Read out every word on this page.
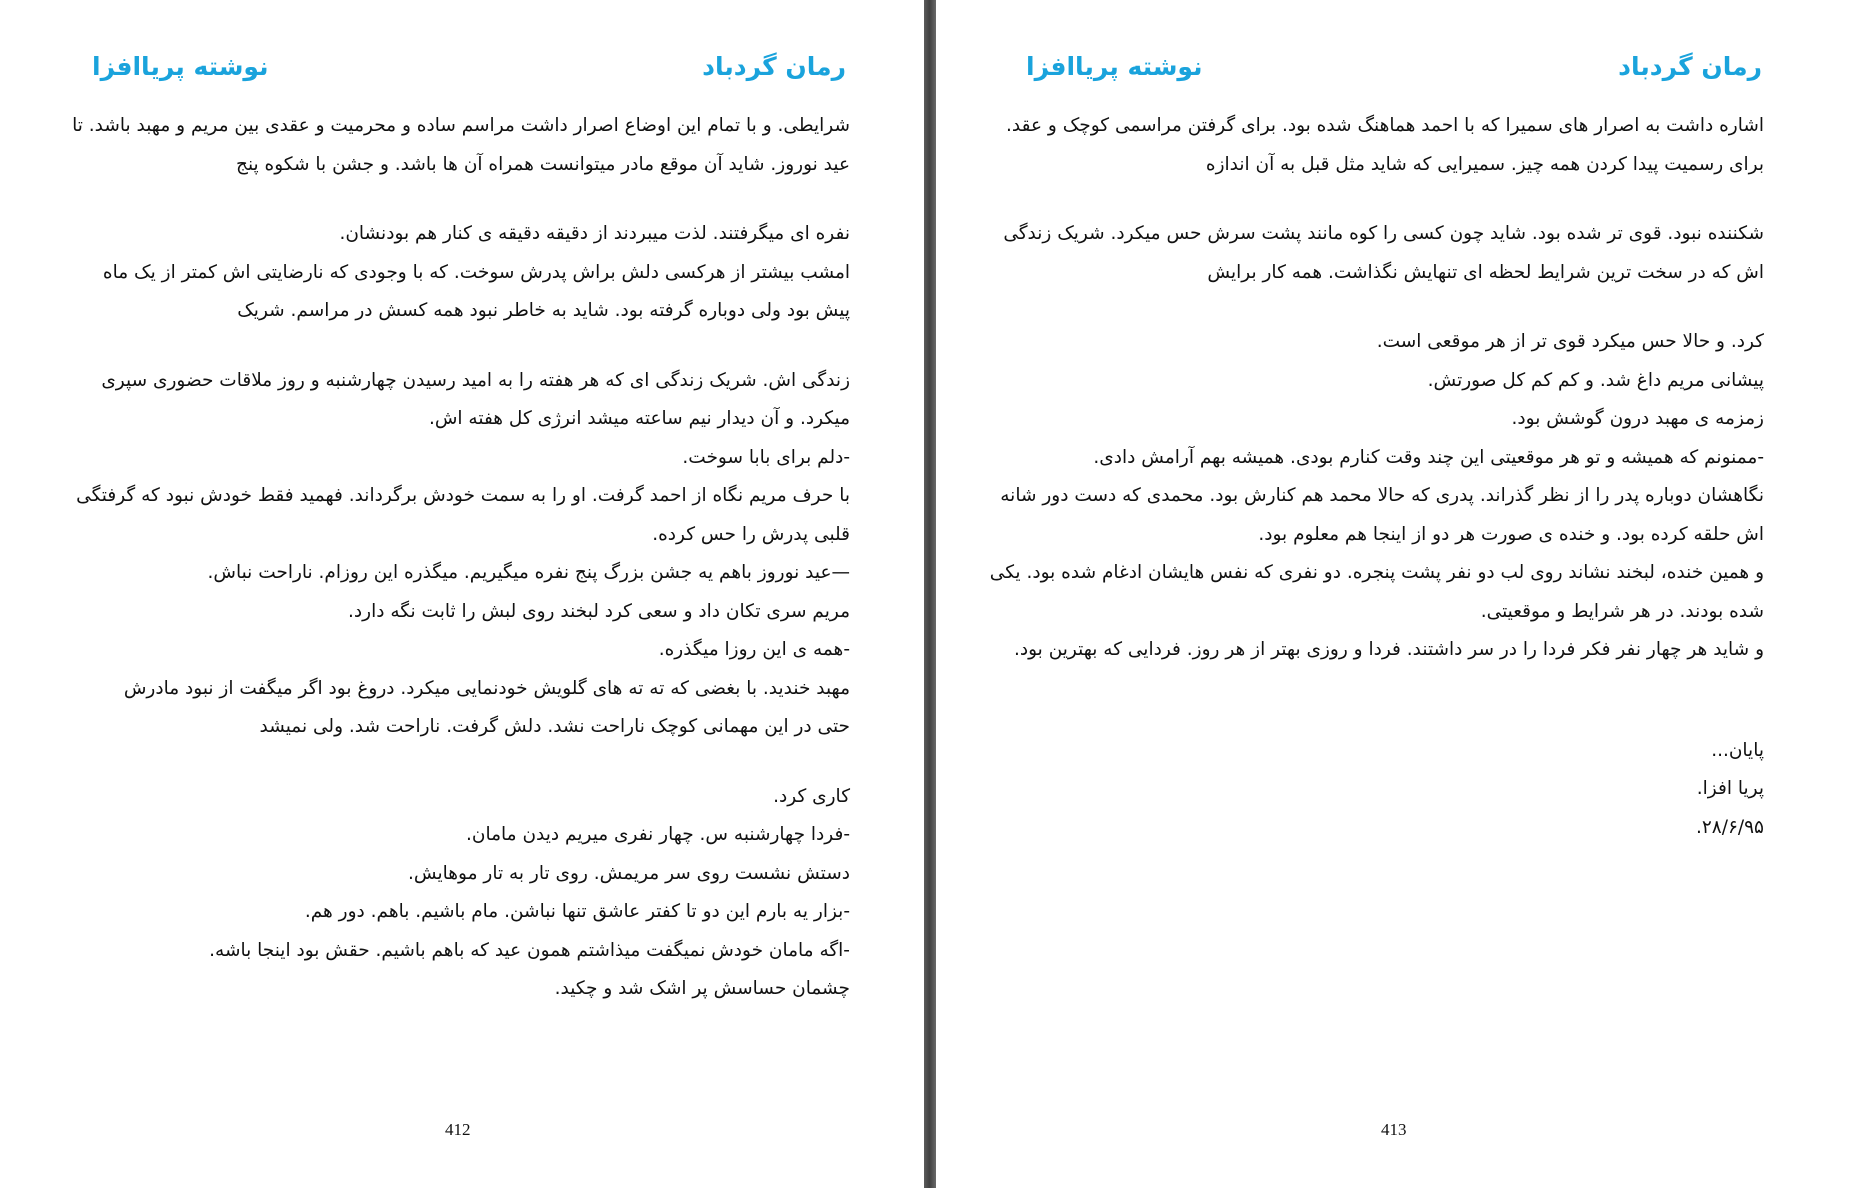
رمان گردباد
نوشته پریاافزا
شرایطی. و با تمام این اوضاع اصرار داشت مراسم ساده و محرمیت و عقدی بین مریم و مهبد باشد. تا
عید نوروز. شاید آن موقع مادر میتوانست همراه آن ها باشد. و جشن با شکوه پنج
نفره ای میگرفتند. لذت میبردند از دقیقه دقیقه ی کنار هم بودنشان.
امشب بیشتر از هرکسی دلش براش پدرش سوخت. که با وجودی که نارضایتی اش کمتر از یک ماه
پیش بود ولی دوباره گرفته بود. شاید به خاطر نبود همه کسش در مراسم. شریک
زندگی اش. شریک زندگی ای که هر هفته را به امید رسیدن چهارشنبه و روز ملاقات حضوری سپری
میکرد. و آن دیدار نیم ساعته میشد انرژی کل هفته اش.
-دلم برای بابا سوخت.
با حرف مریم نگاه از احمد گرفت. او را به سمت خودش برگرداند. فهمید فقط خودش نبود که گرفتگی
قلبی پدرش را حس کرده.
—عید نوروز باهم یه جشن بزرگ پنج نفره میگیریم. میگذره این روزام. ناراحت نباش.
مریم سری تکان داد و سعی کرد لبخند روی لبش را ثابت نگه دارد.
-همه ی این روزا میگذره.
مهبد خندید. با بغضی که ته ته های گلویش خودنمایی میکرد. دروغ بود اگر میگفت از نبود مادرش
حتی در این مهمانی کوچک ناراحت نشد. دلش گرفت. ناراحت شد. ولی نمیشد
کاری کرد.
-فردا چهارشنبه س. چهار نفری میریم دیدن مامان.
دستش نشست روی سر مریمش. روی تار به تار موهایش.
-بزار یه بارم این دو تا کفتر عاشق تنها نباشن. مام باشیم. باهم. دور هم.
-اگه مامان خودش نمیگفت میذاشتم همون عید که باهم باشیم. حقش بود اینجا باشه.
چشمان حساسش پر اشک شد و چکید.
412
رمان گردباد
نوشته پریاافزا
اشاره داشت به اصرار های سمیرا که با احمد هماهنگ شده بود. برای گرفتن مراسمی کوچک و عقد.
برای رسمیت پیدا کردن همه چیز. سمیرایی که شاید مثل قبل به آن اندازه
شکننده نبود. قوی تر شده بود. شاید چون کسی را کوه مانند پشت سرش حس میکرد. شریک زندگی
اش که در سخت ترین شرایط لحظه ای تنهایش نگذاشت. همه کار برایش
کرد. و حالا حس میکرد قوی تر از هر موقعی است.
پیشانی مریم داغ شد. و کم کم کل صورتش.
زمزمه ی مهبد درون گوشش بود.
-ممنونم که همیشه و تو هر موقعیتی این چند وقت کنارم بودی. همیشه بهم آرامش دادی.
نگاهشان دوباره پدر را از نظر گذراند. پدری که حالا محمد هم کنارش بود. محمدی که دست دور شانه
اش حلقه کرده بود. و خنده ی صورت هر دو از اینجا هم معلوم بود.
و همین خنده، لبخند نشاند روی لب دو نفر پشت پنجره. دو نفری که نفس هایشان ادغام شده بود. یکی
شده بودند. در هر شرایط و موقعیتی.
و شاید هر چهار نفر فکر فردا را در سر داشتند. فردا و روزی بهتر از هر روز. فردایی که بهترین بود.
پایان...
پریا افزا.
۲۸/۶/۹۵.
413
